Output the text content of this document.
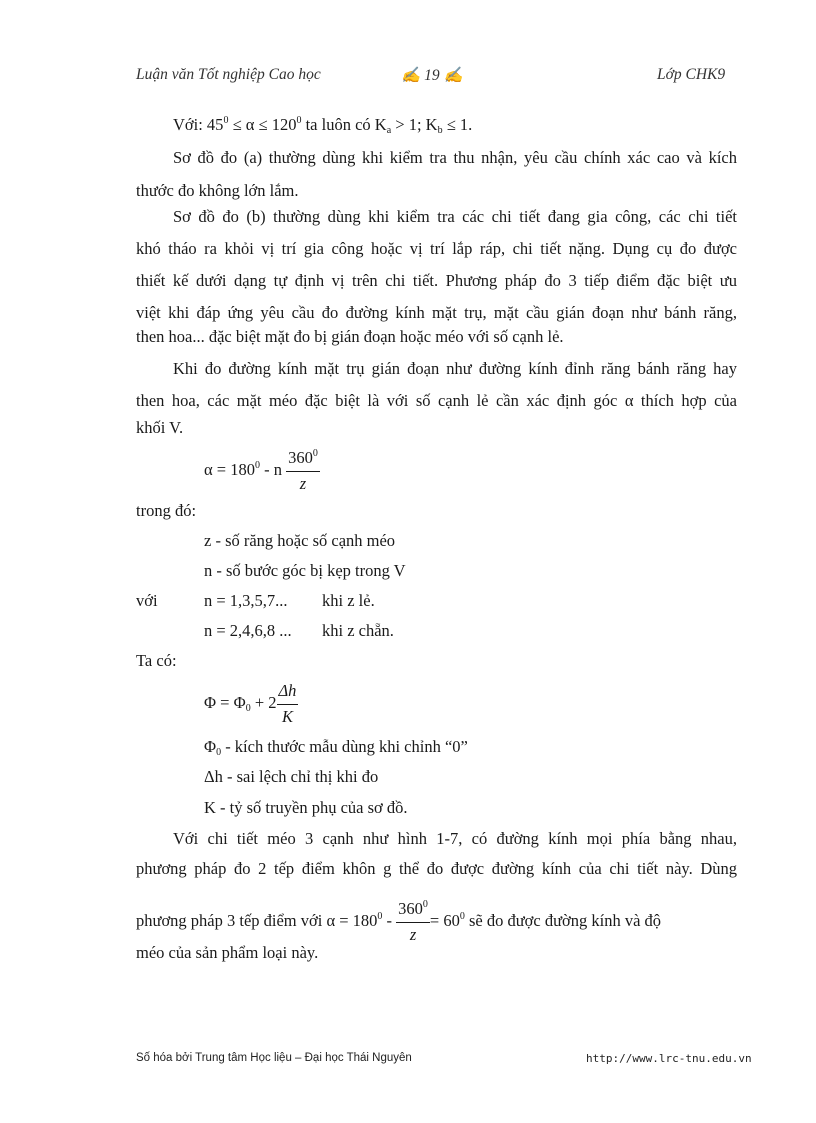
Luận văn Tốt nghiệp Cao học	✍ 19 ✍	Lớp CHK9
Với: $45^0 \le \alpha \le 120^0$ ta luôn có $K_a > 1$; $K_b \le 1$.
Sơ đồ đo (a) thường dùng khi kiểm tra thu nhận, yêu cầu chính xác cao và kích
thước đo không lớn lắm.
Sơ đồ đo (b) thường dùng khi kiểm tra các chi tiết đang gia công, các chi tiết
khó tháo ra khỏi vị trí gia công hoặc vị trí lắp ráp, chi tiết nặng. Dụng cụ đo được
thiết kế dưới dạng tự định vị trên chi tiết. Phương pháp đo 3 tiếp điểm đặc biệt ưu
việt khi đáp ứng yêu cầu đo đường kính mặt trụ, mặt cầu gián đoạn như bánh răng,
then hoa... đặc biệt mặt đo bị gián đoạn hoặc méo với số cạnh lẻ.
Khi đo đường kính mặt trụ gián đoạn như đường kính đỉnh răng bánh răng hay
then hoa, các mặt méo đặc biệt là với số cạnh lẻ cần xác định góc α thích hợp của
khối V.
$\alpha = 180^0 - n \frac{360^0}{z}$
trong đó:
z - số răng hoặc số cạnh méo
n - số bước góc bị kẹp trong V
với	n = 1,3,5,7... khi z lẻ.
n = 2,4,6,8 ... khi z chẵn.
Ta có:
$\Phi = \Phi_0 + 2 \frac{\Delta h}{K}$
$\Phi_0$ - kích thước mẫu dùng khi chỉnh “0”
Δh - sai lệch chỉ thị khi đo
K - tỷ số truyền phụ của sơ đồ.
Với chi tiết méo 3 cạnh như hình 1-7, có đường kính mọi phía bằng nhau,
phương pháp đo 2 tếp điểm khôn g thể đo được đường kính của chi tiết này. Dùng
phương pháp 3 tếp điểm với $\alpha = 180^0 - \frac{360^0}{z} = 60^0$ sẽ đo được đường kính và độ
méo của sản phẩm loại này.
Số hóa bởi Trung tâm Học liệu – Đại học Thái Nguyên	http://www.lrc-tnu.edu.vn
